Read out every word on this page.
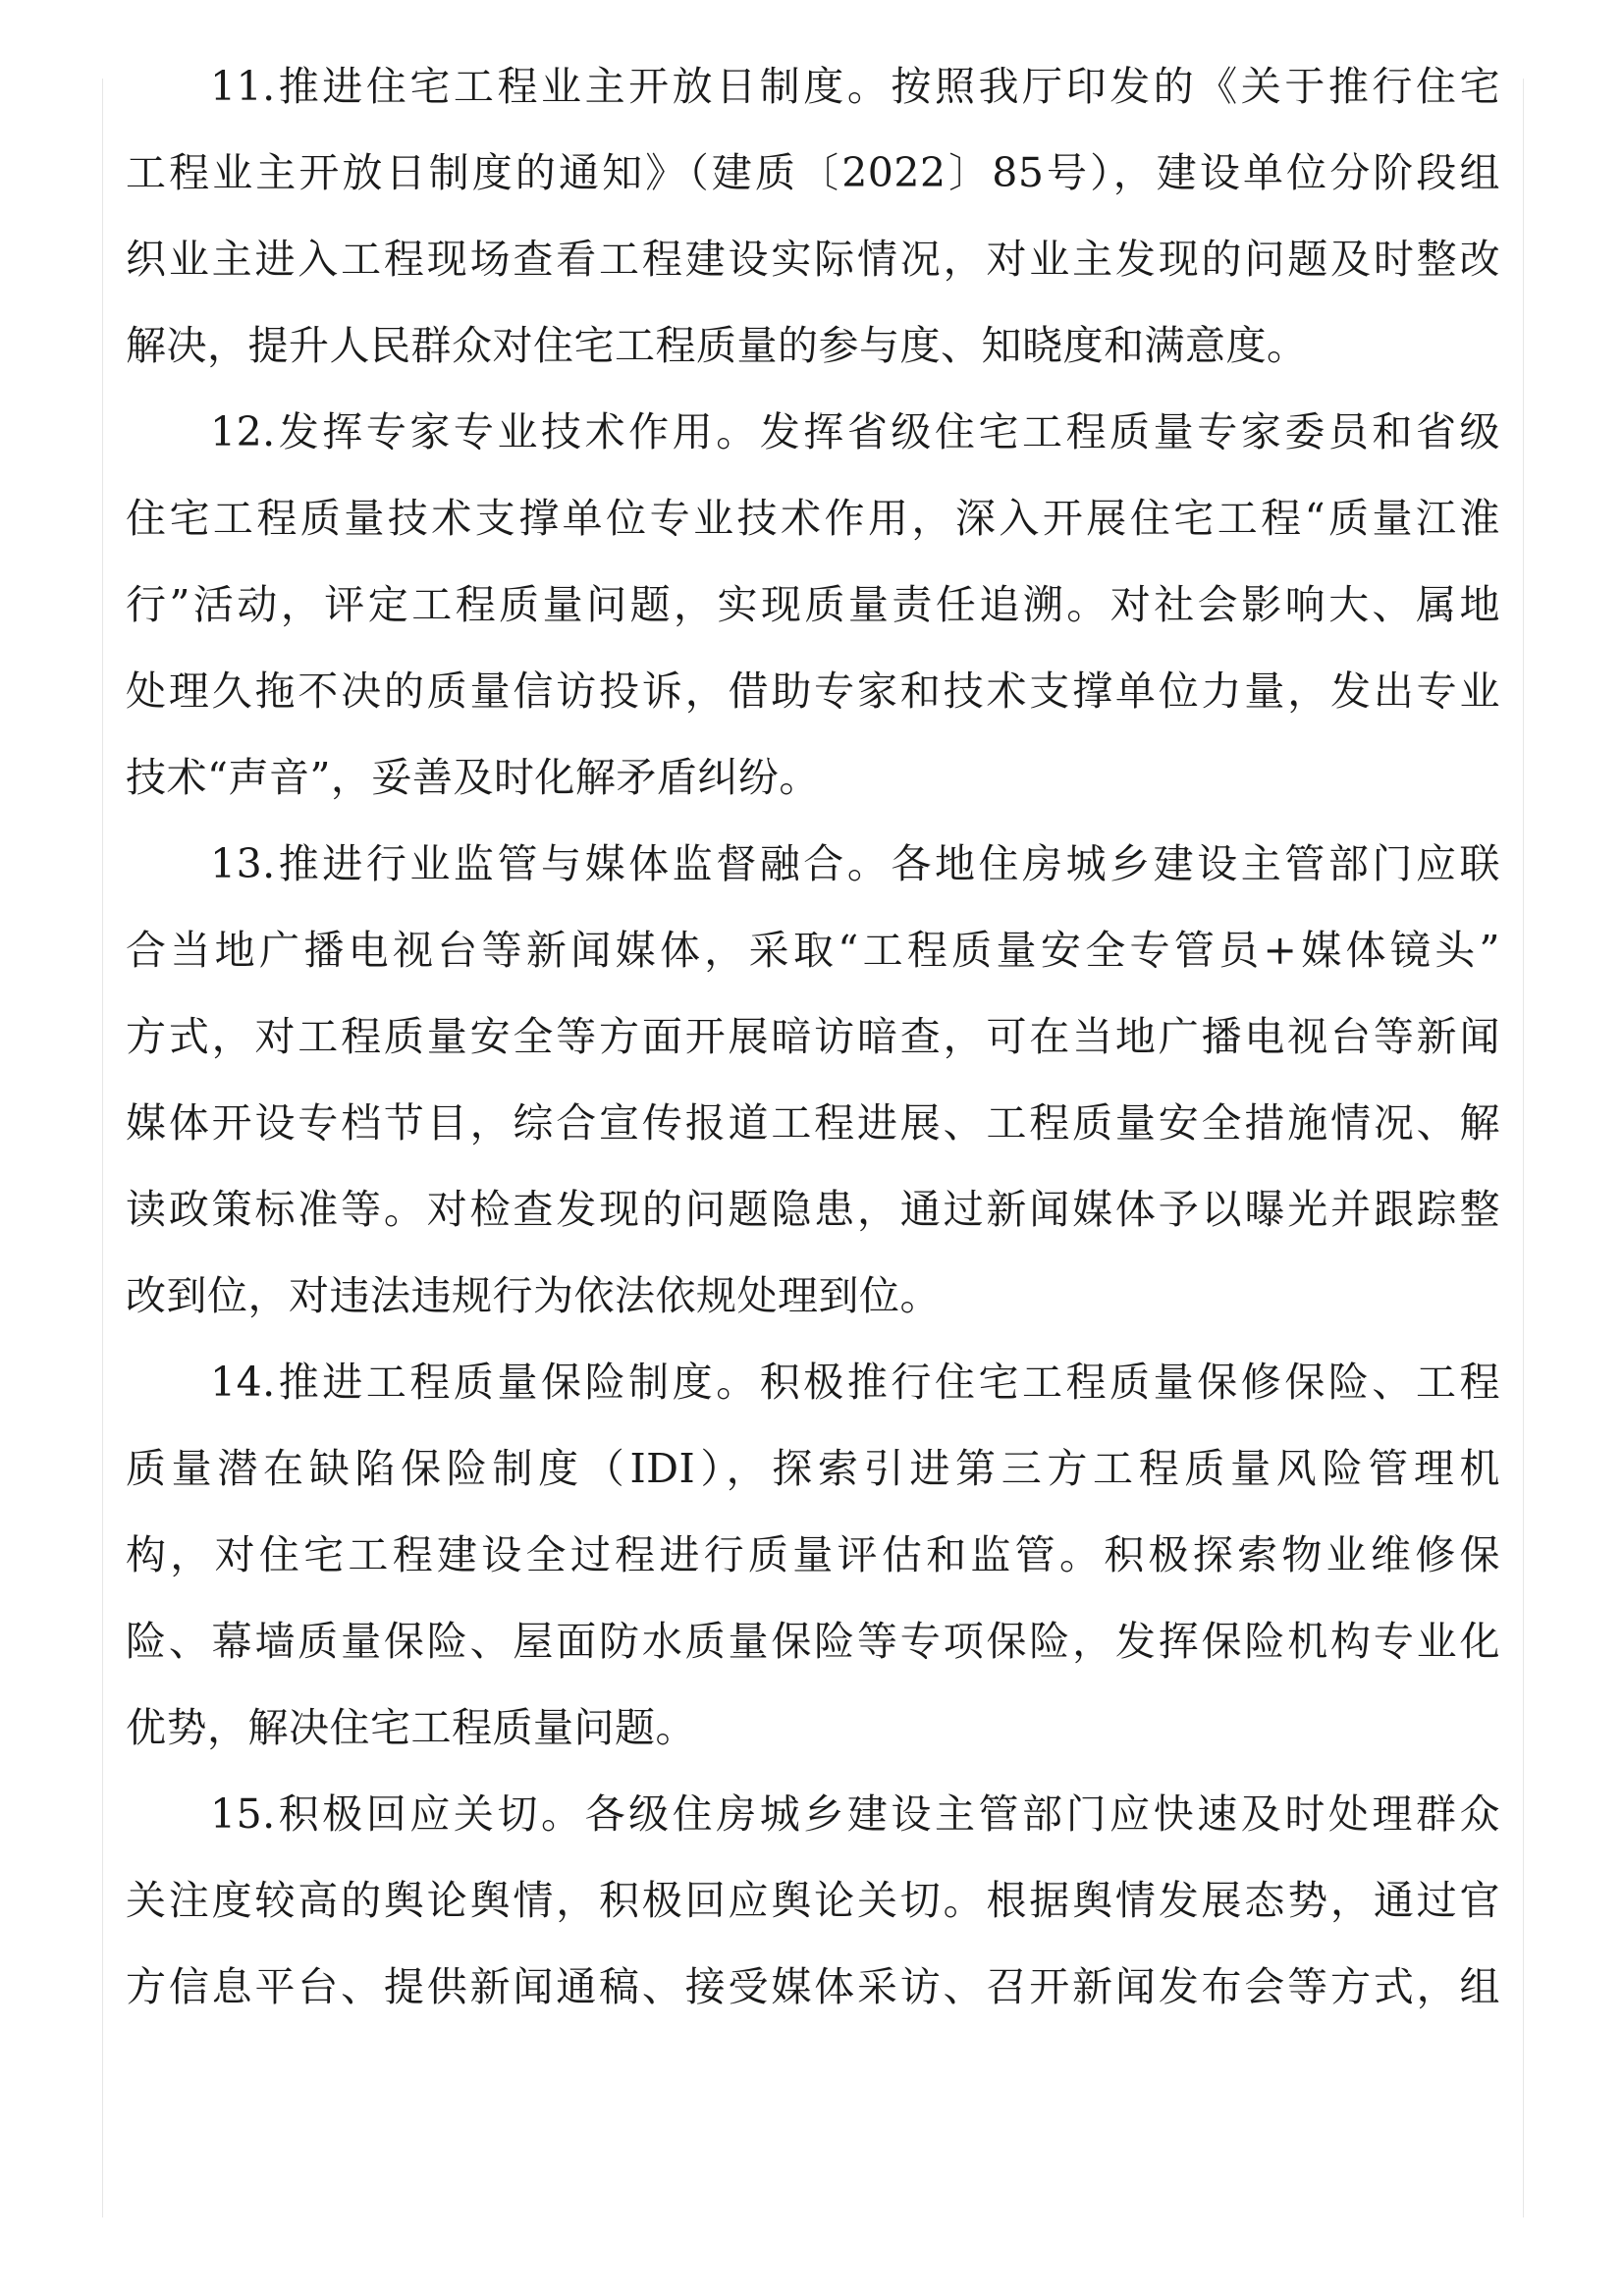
11.推进住宅工程业主开放日制度。按照我厅印发的《关于推行住宅
工程业主开放日制度的通知》（建质〔2022〕85号），建设单位分阶段组
织业主进入工程现场查看工程建设实际情况，对业主发现的问题及时整改
解决，提升人民群众对住宅工程质量的参与度、知晓度和满意度。
12.发挥专家专业技术作用。发挥省级住宅工程质量专家委员和省级
住宅工程质量技术支撑单位专业技术作用，深入开展住宅工程“质量江淮
行”活动，评定工程质量问题，实现质量责任追溯。对社会影响大、属地
处理久拖不决的质量信访投诉，借助专家和技术支撑单位力量，发出专业
技术“声音”，妥善及时化解矛盾纠纷。
13.推进行业监管与媒体监督融合。各地住房城乡建设主管部门应联
合当地广播电视台等新闻媒体，采取“工程质量安全专管员+媒体镜头”
方式，对工程质量安全等方面开展暗访暗查，可在当地广播电视台等新闻
媒体开设专档节目，综合宣传报道工程进展、工程质量安全措施情况、解
读政策标准等。对检查发现的问题隐患，通过新闻媒体予以曝光并跟踪整
改到位，对违法违规行为依法依规处理到位。
14.推进工程质量保险制度。积极推行住宅工程质量保修保险、工程
质量潜在缺陷保险制度（IDI），探索引进第三方工程质量风险管理机
构，对住宅工程建设全过程进行质量评估和监管。积极探索物业维修保
险、幕墙质量保险、屋面防水质量保险等专项保险，发挥保险机构专业化
优势，解决住宅工程质量问题。
15.积极回应关切。各级住房城乡建设主管部门应快速及时处理群众
关注度较高的舆论舆情，积极回应舆论关切。根据舆情发展态势，通过官
方信息平台、提供新闻通稿、接受媒体采访、召开新闻发布会等方式，组
